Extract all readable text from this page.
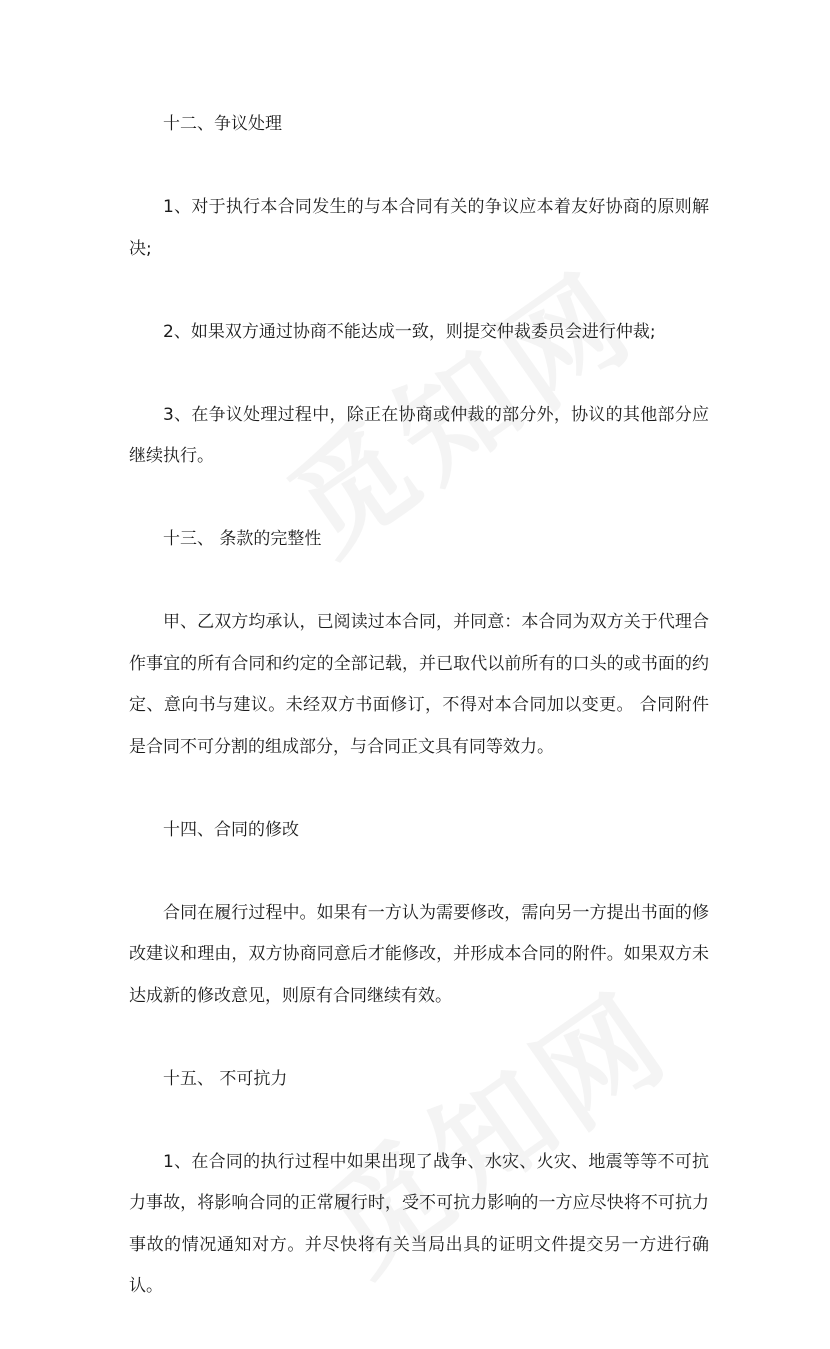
十二、争议处理
1、对于执行本合同发生的与本合同有关的争议应本着友好协商的原则解决;
2、如果双方通过协商不能达成一致，则提交仲裁委员会进行仲裁;
3、在争议处理过程中，除正在协商或仲裁的部分外，协议的其他部分应继续执行。
十三、 条款的完整性
甲、乙双方均承认，已阅读过本合同，并同意：本合同为双方关于代理合作事宜的所有合同和约定的全部记载，并已取代以前所有的口头的或书面的约定、意向书与建议。未经双方书面修订，不得对本合同加以变更。 合同附件是合同不可分割的组成部分，与合同正文具有同等效力。
十四、合同的修改
合同在履行过程中。如果有一方认为需要修改，需向另一方提出书面的修改建议和理由，双方协商同意后才能修改，并形成本合同的附件。如果双方未达成新的修改意见，则原有合同继续有效。
十五、 不可抗力
1、在合同的执行过程中如果出现了战争、水灾、火灾、地震等等不可抗力事故，将影响合同的正常履行时，受不可抗力影响的一方应尽快将不可抗力事故的情况通知对方。并尽快将有关当局出具的证明文件提交另一方进行确认。
